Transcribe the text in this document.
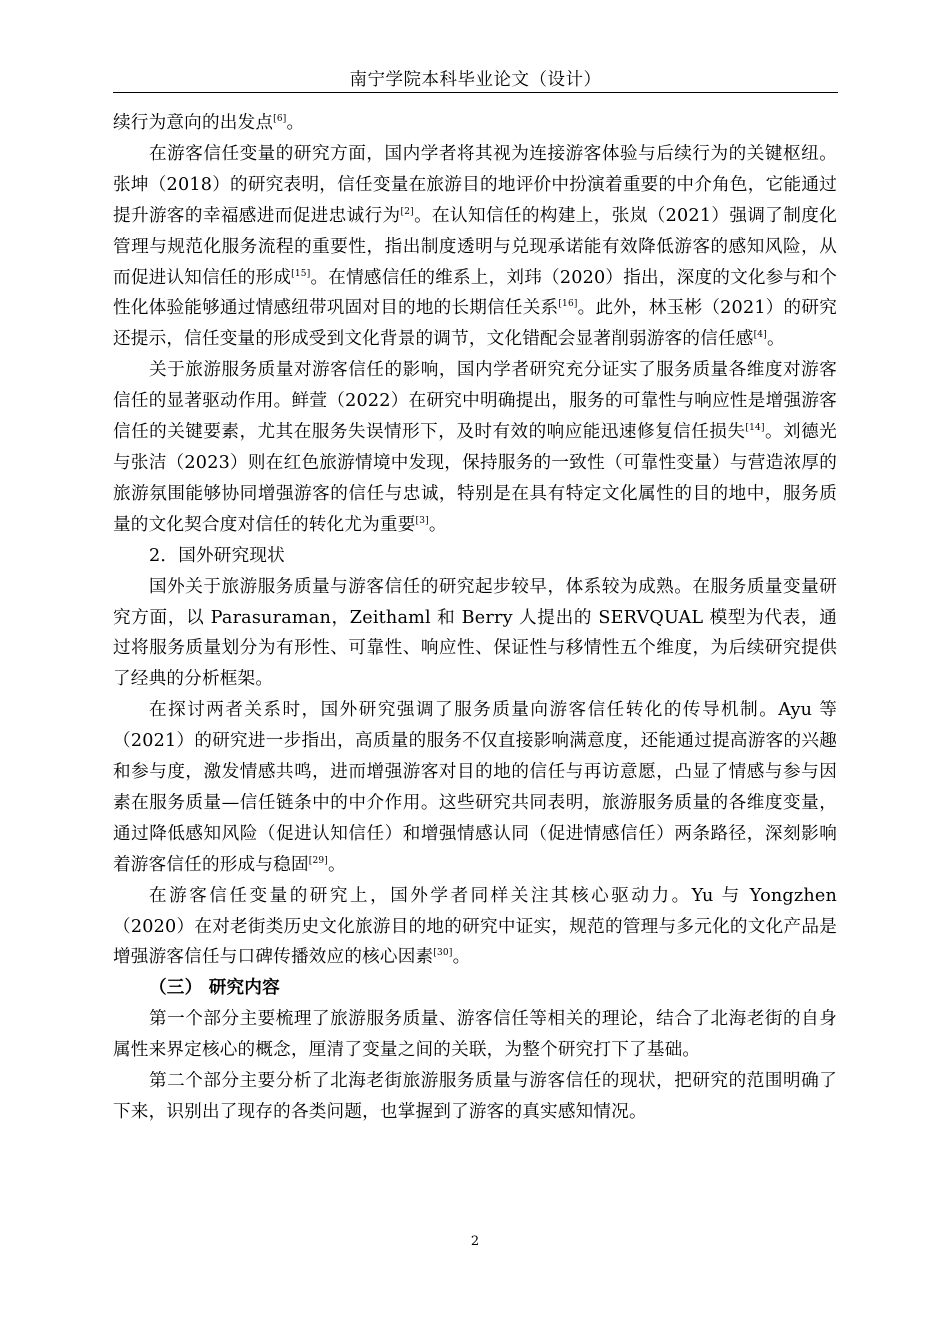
南宁学院本科毕业论文（设计）

续行为意向的出发点[6]。

在游客信任变量的研究方面，国内学者将其视为连接游客体验与后续行为的关键枢纽。张坤（2018）的研究表明，信任变量在旅游目的地评价中扮演着重要的中介角色，它能通过提升游客的幸福感进而促进忠诚行为[2]。在认知信任的构建上，张岚（2021）强调了制度化管理与规范化服务流程的重要性，指出制度透明与兑现承诺能有效降低游客的感知风险，从而促进认知信任的形成[15]。在情感信任的维系上，刘玮（2020）指出，深度的文化参与和个性化体验能够通过情感纽带巩固对目的地的长期信任关系[16]。此外，林玉彬（2021）的研究还提示，信任变量的形成受到文化背景的调节，文化错配会显著削弱游客的信任感[4]。

关于旅游服务质量对游客信任的影响，国内学者研究充分证实了服务质量各维度对游客信任的显著驱动作用。鲜萱（2022）在研究中明确提出，服务的可靠性与响应性是增强游客信任的关键要素，尤其在服务失误情形下，及时有效的响应能迅速修复信任损失[14]。刘德光与张洁（2023）则在红色旅游情境中发现，保持服务的一致性（可靠性变量）与营造浓厚的旅游氛围能够协同增强游客的信任与忠诚，特别是在具有特定文化属性的目的地中，服务质量的文化契合度对信任的转化尤为重要[3]。

2．国外研究现状

国外关于旅游服务质量与游客信任的研究起步较早，体系较为成熟。在服务质量变量研究方面，以 Parasuraman，Zeithaml 和 Berry 人提出的 SERVQUAL 模型为代表，通过将服务质量划分为有形性、可靠性、响应性、保证性与移情性五个维度，为后续研究提供了经典的分析框架。

在探讨两者关系时，国外研究强调了服务质量向游客信任转化的传导机制。Ayu 等（2021）的研究进一步指出，高质量的服务不仅直接影响满意度，还能通过提高游客的兴趣和参与度，激发情感共鸣，进而增强游客对目的地的信任与再访意愿，凸显了情感与参与因素在服务质量—信任链条中的中介作用。这些研究共同表明，旅游服务质量的各维度变量，通过降低感知风险（促进认知信任）和增强情感认同（促进情感信任）两条路径，深刻影响着游客信任的形成与稳固[29]。

在游客信任变量的研究上，国外学者同样关注其核心驱动力。Yu 与 Yongzhen（2020）在对老街类历史文化旅游目的地的研究中证实，规范的管理与多元化的文化产品是增强游客信任与口碑传播效应的核心因素[30]。

（三） 研究内容

第一个部分主要梳理了旅游服务质量、游客信任等相关的理论，结合了北海老街的自身属性来界定核心的概念，厘清了变量之间的关联，为整个研究打下了基础。

第二个部分主要分析了北海老街旅游服务质量与游客信任的现状，把研究的范围明确了下来，识别出了现存的各类问题，也掌握到了游客的真实感知情况。

2
